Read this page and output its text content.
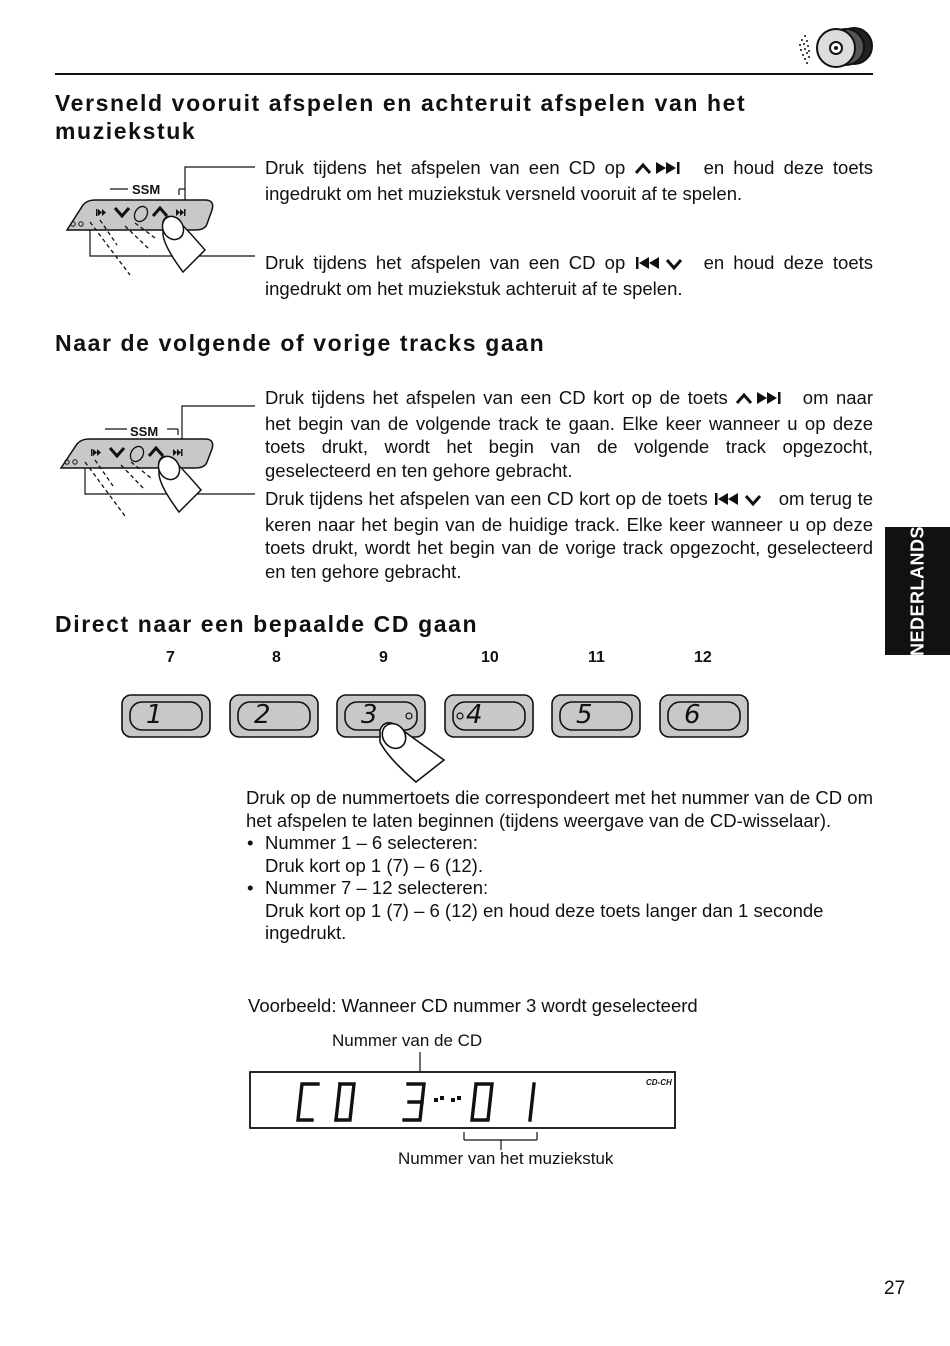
NEDERLANDS
Versneld vooruit afspelen en achteruit afspelen van het
muziekstuk
SSM

Druk tijdens het afspelen van een CD op	en houd deze toets ingedrukt om het muziekstuk versneld vooruit af te spelen.

Druk tijdens het afspelen van een CD op	en houd deze toets ingedrukt om het muziekstuk achteruit af te spelen.

Naar de volgende of vorige tracks gaan
SSM

Druk tijdens het afspelen van een CD kort op de toets	om naar het begin van de volgende track te gaan. Elke keer wanneer u op deze toets drukt, wordt het begin van de volgende track opgezocht, geselecteerd en ten gehore gebracht.

Druk tijdens het afspelen van een CD kort op de toets	om terug te keren naar het begin van de huidige track. Elke keer wanneer u op deze toets drukt, wordt het begin van de vorige track opgezocht, geselecteerd en ten gehore gebracht.

Direct naar een bepaalde CD gaan
7	8	9	10	11	12
1	2	3	4	5	6

Druk op de nummertoets die correspondeert met het nummer van de CD om het afspelen te laten beginnen (tijdens weergave van de CD-wisselaar).

• Nummer 1 – 6 selecteren:
Druk kort op 1 (7) – 6 (12).
• Nummer 7 – 12 selecteren:
Druk kort op 1 (7) – 6 (12) en houd deze toets langer dan 1 seconde ingedrukt.
Voorbeeld: Wanneer CD nummer 3 wordt geselecteerd
Nummer van de CD
CD-CH
Nummer van het muziekstuk
27
